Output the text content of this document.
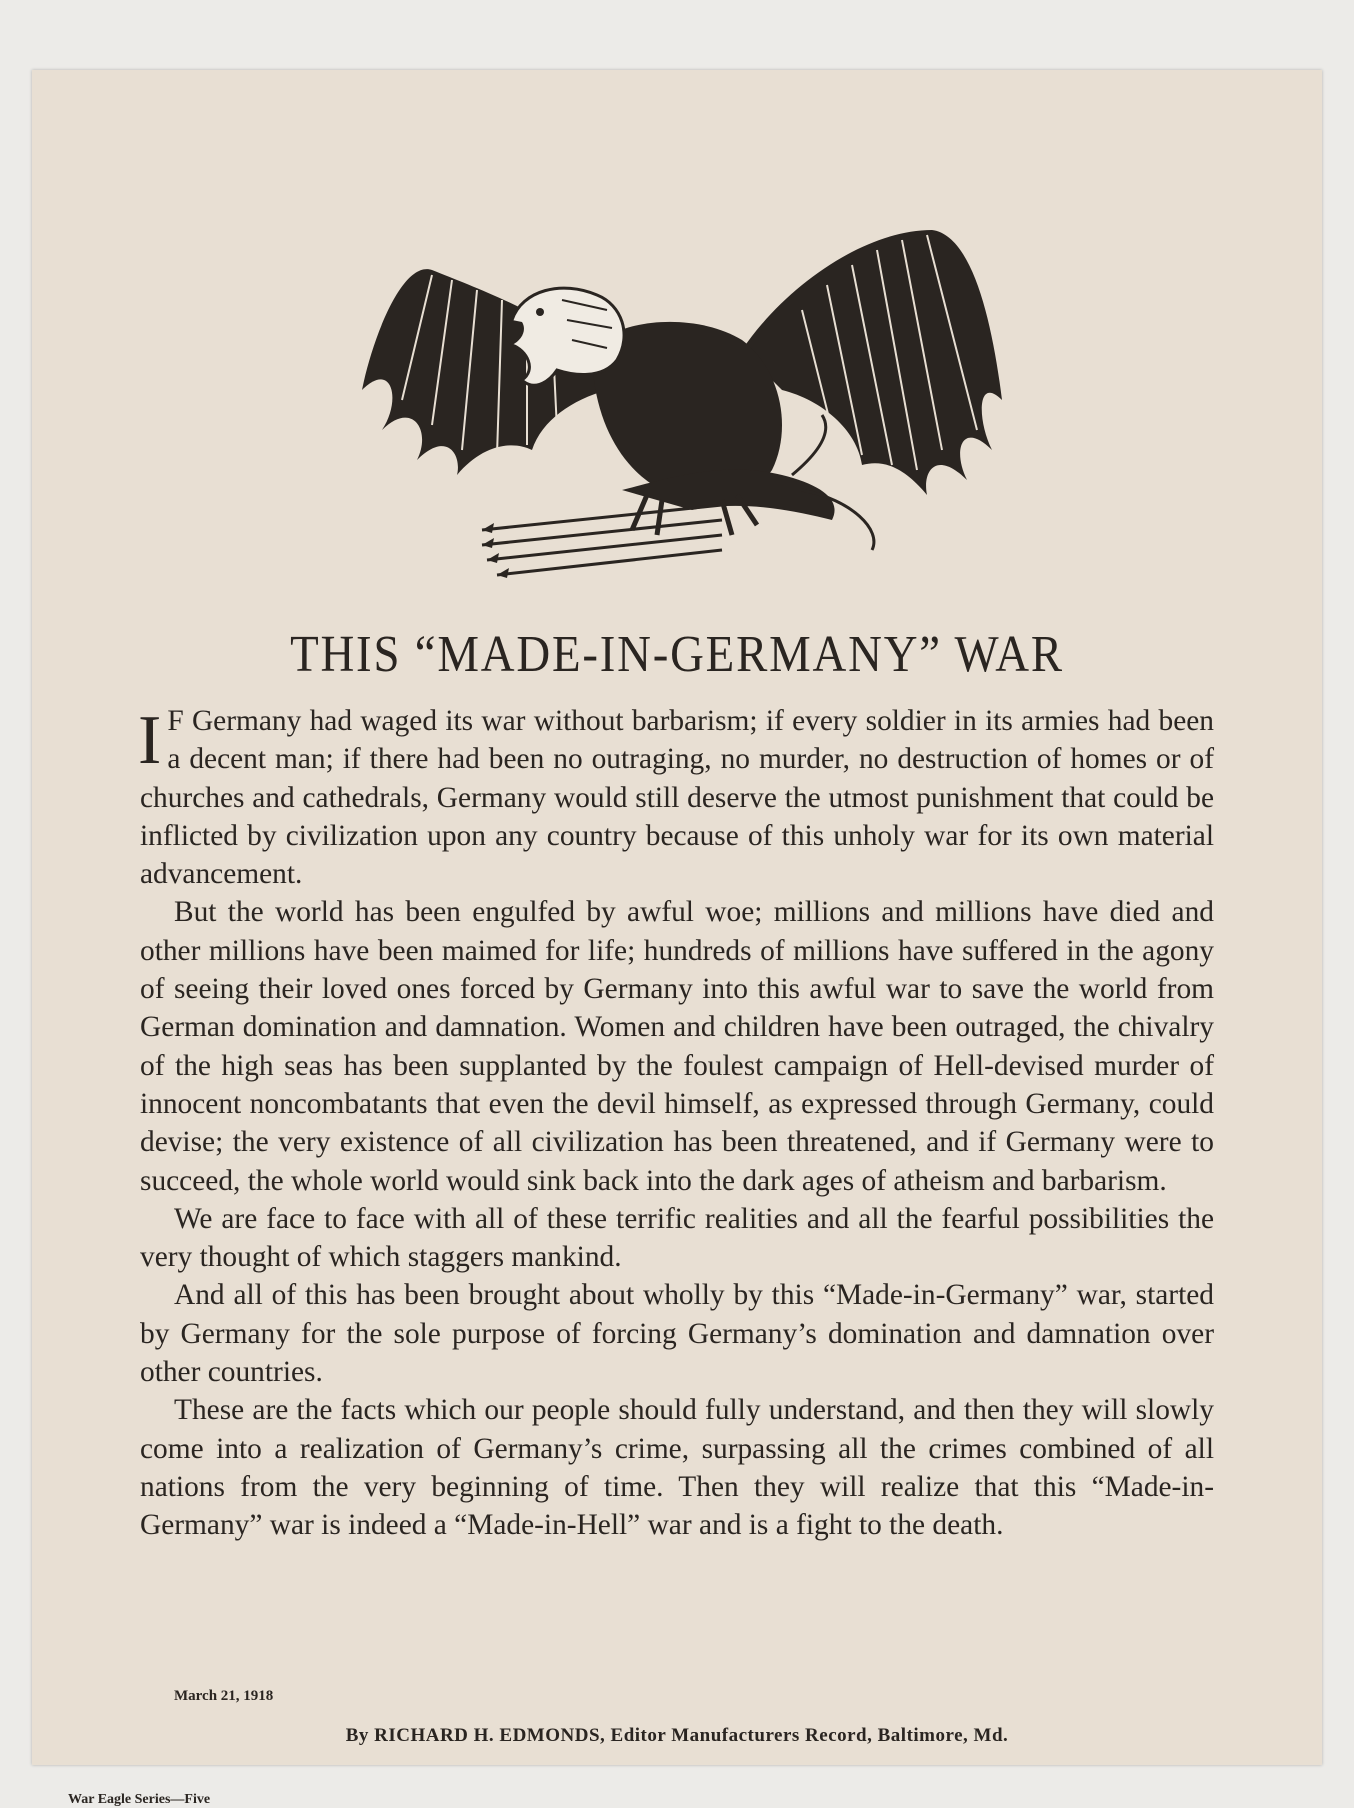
THIS “MADE-IN-GERMANY” WAR

I F Germany had waged its war without barbarism; if every soldier in its armies had been a decent man; if there had been no outraging, no murder, no destruction of homes or of churches and cathedrals, Germany would still deserve the utmost punishment that could be inflicted by civilization upon any country because of this unholy war for its own material advancement.

But the world has been engulfed by awful woe; millions and millions have died and other millions have been maimed for life; hundreds of millions have suffered in the agony of seeing their loved ones forced by Germany into this awful war to save the world from German domination and damnation. Women and children have been outraged, the chivalry of the high seas has been supplanted by the foulest campaign of Hell-devised murder of innocent noncombatants that even the devil himself, as expressed through Germany, could devise; the very existence of all civilization has been threatened, and if Germany were to succeed, the whole world would sink back into the dark ages of atheism and barbarism.

We are face to face with all of these terrific realities and all the fearful possibilities the very thought of which staggers mankind.

And all of this has been brought about wholly by this “Made-in-Germany” war, started by Germany for the sole purpose of forcing Germany’s domination and damnation over other countries.

These are the facts which our people should fully understand, and then they will slowly come into a realization of Germany’s crime, surpassing all the crimes combined of all nations from the very beginning of time. Then they will realize that this “Made-in-Germany” war is indeed a “Made-in-Hell” war and is a fight to the death.

March 21, 1918
By RICHARD H. EDMONDS, Editor Manufacturers Record, Baltimore, Md.
War Eagle Series—Five
